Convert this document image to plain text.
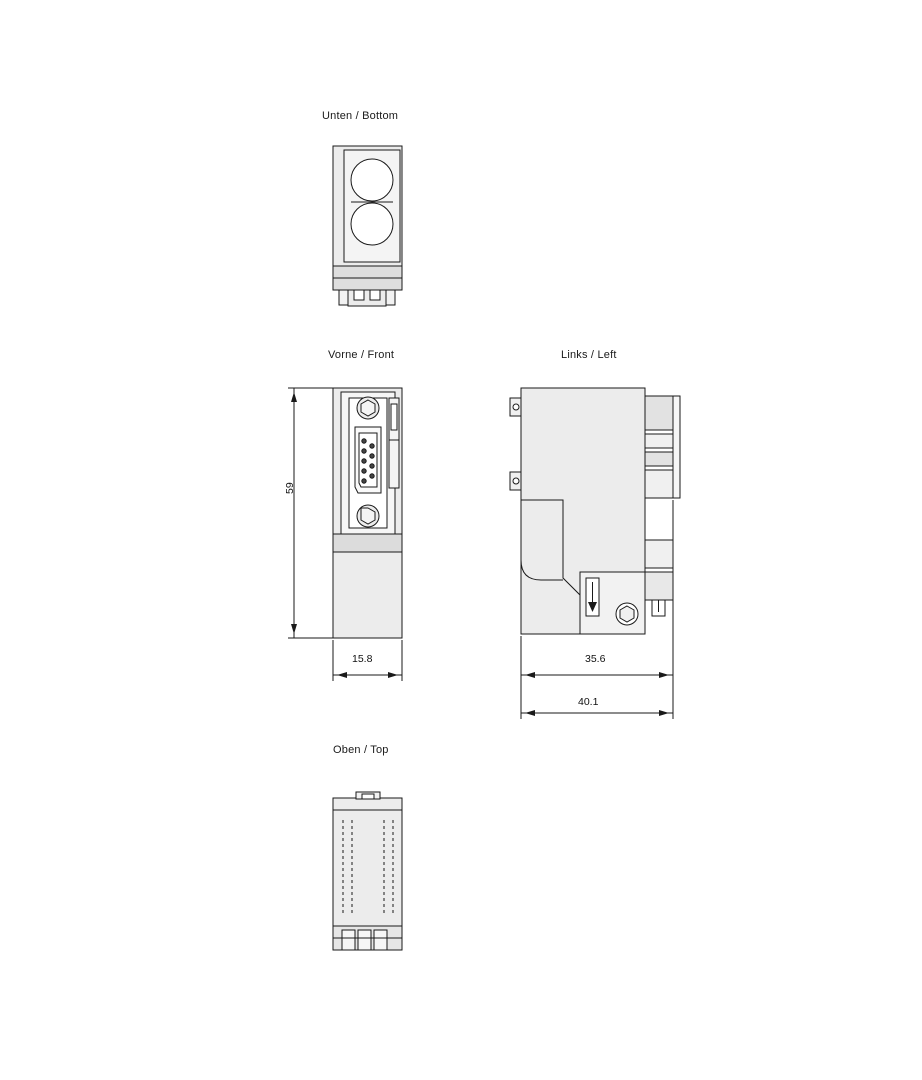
Unten / Bottom
Vorne / Front	Links / Left
Oben / Top
59
15.8	35.6
40.1
